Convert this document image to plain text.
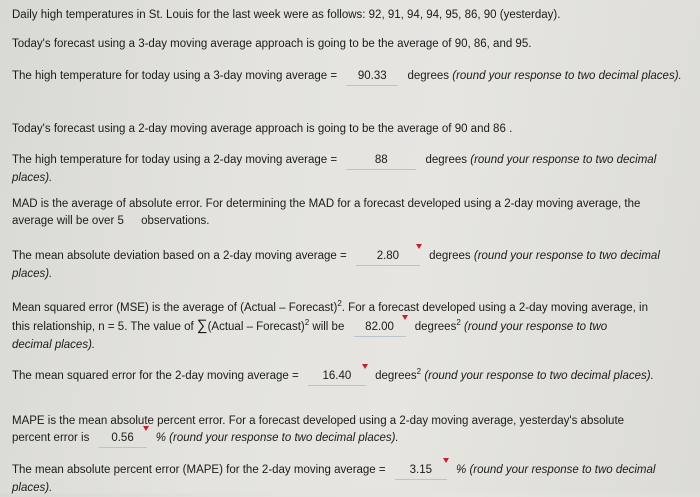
Daily high temperatures in St. Louis for the last week were as follows: 92, 91, 94, 94, 95, 86, 90 (yesterday).
Today's forecast using a 3-day moving average approach is going to be the average of 90, 86, and 95.
The high temperature for today using a 3-day moving average = 90.33 degrees (round your response to two decimal places).
Today's forecast using a 2-day moving average approach is going to be the average of 90 and 86 .
The high temperature for today using a 2-day moving average =	88	degrees (round your response to two decimal places).
MAD is the average of absolute error. For determining the MAD for a forecast developed using a 2-day moving average, the
average will be over 5 observations.
The mean absolute deviation based on a 2-day moving average =	2.80	degrees (round your response to two decimal places).
Mean squared error (MSE) is the average of (Actual – Forecast)$^2$. For a forecast developed using a 2-day moving average, in
this relationship, n = 5. The value of ∑(Actual – Forecast)$^2$ will be 82.00 degrees$^2$ (round your response to two
decimal places).
The mean squared error for the 2-day moving average = 16.40 degrees$^2$ (round your response to two decimal places).
MAPE is the mean absolute percent error. For a forecast developed using a 2-day moving average, yesterday's absolute
percent error is 0.56 % (round your response to two decimal places).
The mean absolute percent error (MAPE) for the 2-day moving average = 3.15 % (round your response to two decimal places).
